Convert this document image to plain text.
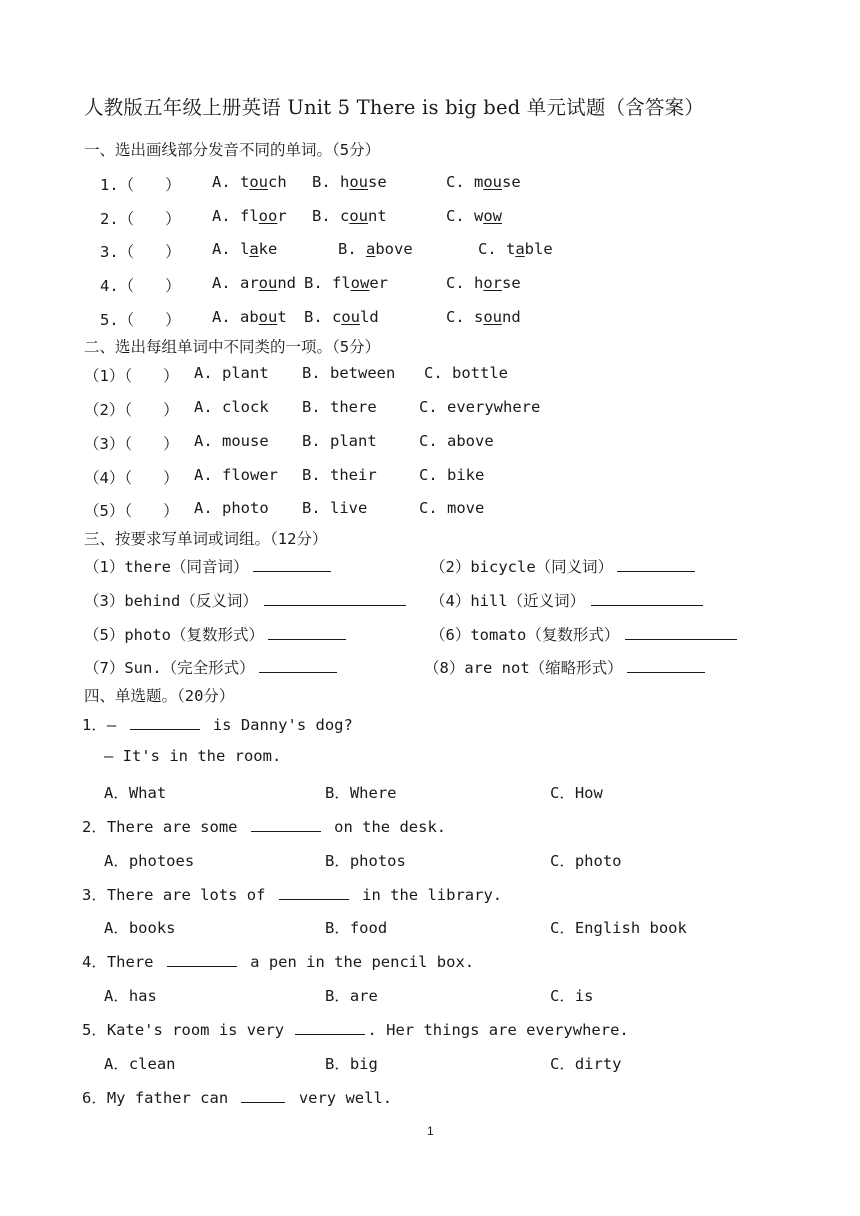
人教版五年级上册英语 Unit 5 There is big bed 单元试题（含答案）
一、选出画线部分发音不同的单词。（5分）
1.（　　） A. touch B. house	C. mouse
2.（　　） A. floor B. count	C. wow
3.（　　） A. lake	B. above	C. table
4.（　　） A. around B. flower	C. horse
5.（　　） A. about B. could	C. sound
二、选出每组单词中不同类的一项。（5分）
（1）（　　） A. plant B. between C. bottle
（2）（　　） A. clock B. there	C. everywhere
（3）（　　） A. mouse B. plant	C. above
（4）（　　） A. flower B. their	C. bike
（5）（　　） A. photo B. live	C. move
三、按要求写单词或词组。（12分）
（1）there（同音词）	（2）bicycle（同义词）
（3）behind（反义词）	（4）hill（近义词）
（5）photo（复数形式）	（6）tomato（复数形式）
（7）Sun.（完全形式）	（8）are not（缩略形式）
四、单选题。（20分）
1．—	is Danny's dog?
— It's in the room.
A．What	B．Where	C．How
2．There are some	on the desk.
A．photoes	B．photos	C．photo
3．There are lots of	in the library.
A．books	B．food	C．English book
4．There	a pen in the pencil box.
A．has	B．are	C．is
5．Kate's room is very	. Her things are everywhere.
A．clean	B．big	C．dirty
6．My father can	very well.
1
